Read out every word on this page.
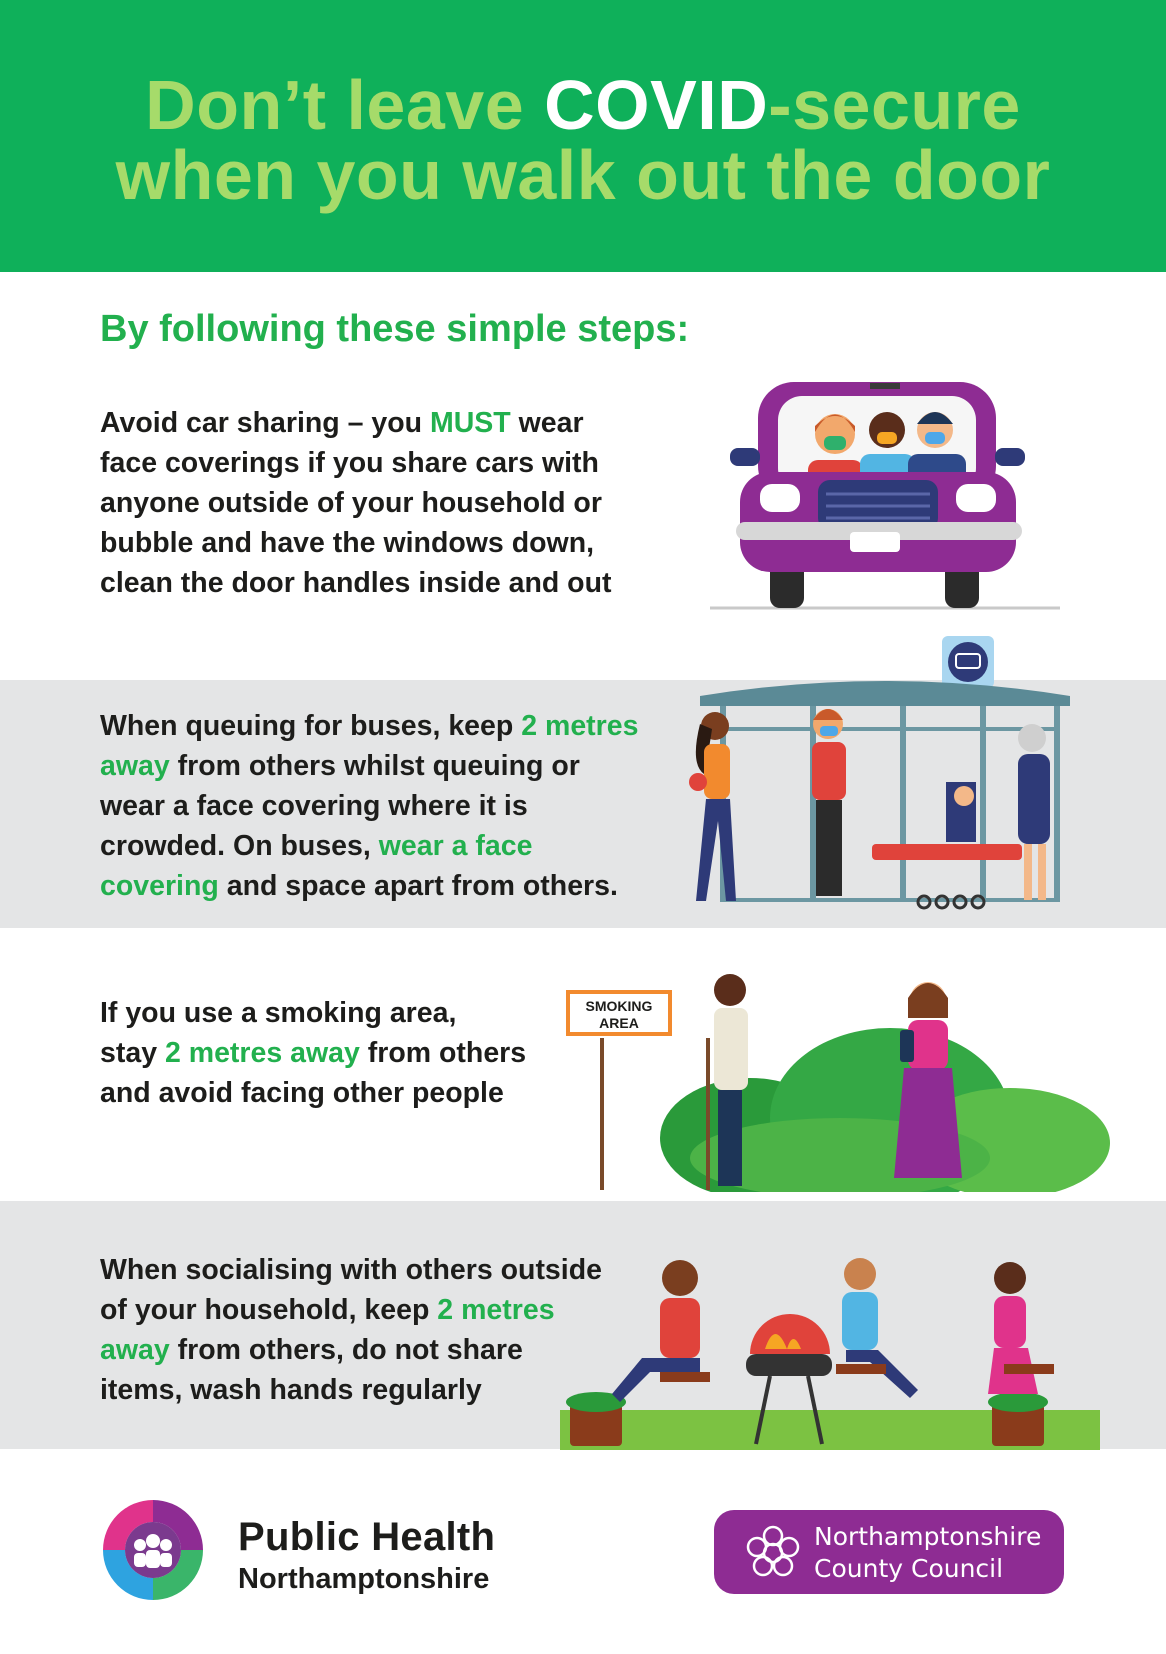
Don’t leave COVID-secure
when you walk out the door
By following these simple steps:
Avoid car sharing – you MUST wear
face coverings if you share cars with
anyone outside of your household or
bubble and have the windows down,
clean the door handles inside and out
When queuing for buses, keep 2 metres
away from others whilst queuing or
wear a face covering where it is
crowded. On buses, wear a face
covering and space apart from others.
If you use a smoking area,
stay 2 metres away from others
and avoid facing other people
SMOKING
AREA
When socialising with others outside
of your household, keep 2 metres
away from others, do not share
items, wash hands regularly
Public Health
Northamptonshire
Northamptonshire
County Council
